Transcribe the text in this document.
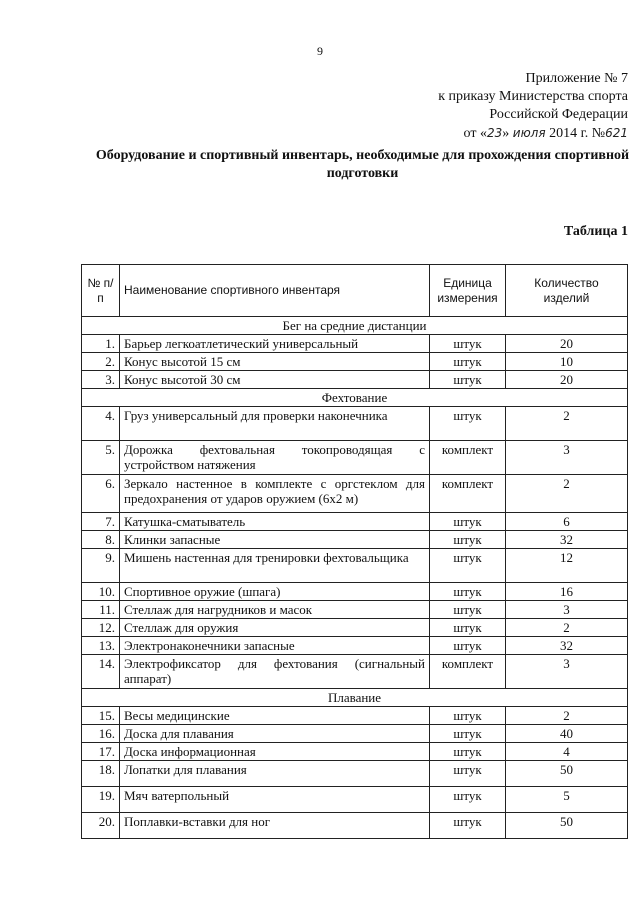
9
Приложение № 7
к приказу Министерства спорта
Российской Федерации
от «23» июля 2014 г. №621
Оборудование и спортивный инвентарь, необходимые для прохождения спортивной подготовки
Таблица 1
№ п/п	Наименование спортивного инвентаря	Единица измерения	Количество изделий
Бег на средние дистанции			
1.	Барьер легкоатлетический универсальный	штук	20
2.	Конус высотой 15 см	штук	10
3.	Конус высотой 30 см	штук	20
Фехтование			
4.	Груз универсальный для проверки наконечника	штук	2
5.	Дорожка фехтовальная токопроводящая с устройством натяжения	комплект	3
6.	Зеркало настенное в комплекте с оргстеклом для предохранения от ударов оружием (6х2 м)	комплект	2
7.	Катушка-сматыватель	штук	6
8.	Клинки запасные	штук	32
9.	Мишень настенная для тренировки фехтовальщика	штук	12
10.	Спортивное оружие (шпага)	штук	16
11.	Стеллаж для нагрудников и масок	штук	3
12.	Стеллаж для оружия	штук	2
13.	Электронаконечники запасные	штук	32
14.	Электрофиксатор для фехтования (сигнальный аппарат)	комплект	3
Плавание			
15.	Весы медицинские	штук	2
16.	Доска для плавания	штук	40
17.	Доска информационная	штук	4
18.	Лопатки для плавания	штук	50
19.	Мяч ватерпольный	штук	5
20.	Поплавки-вставки для ног	штук	50
